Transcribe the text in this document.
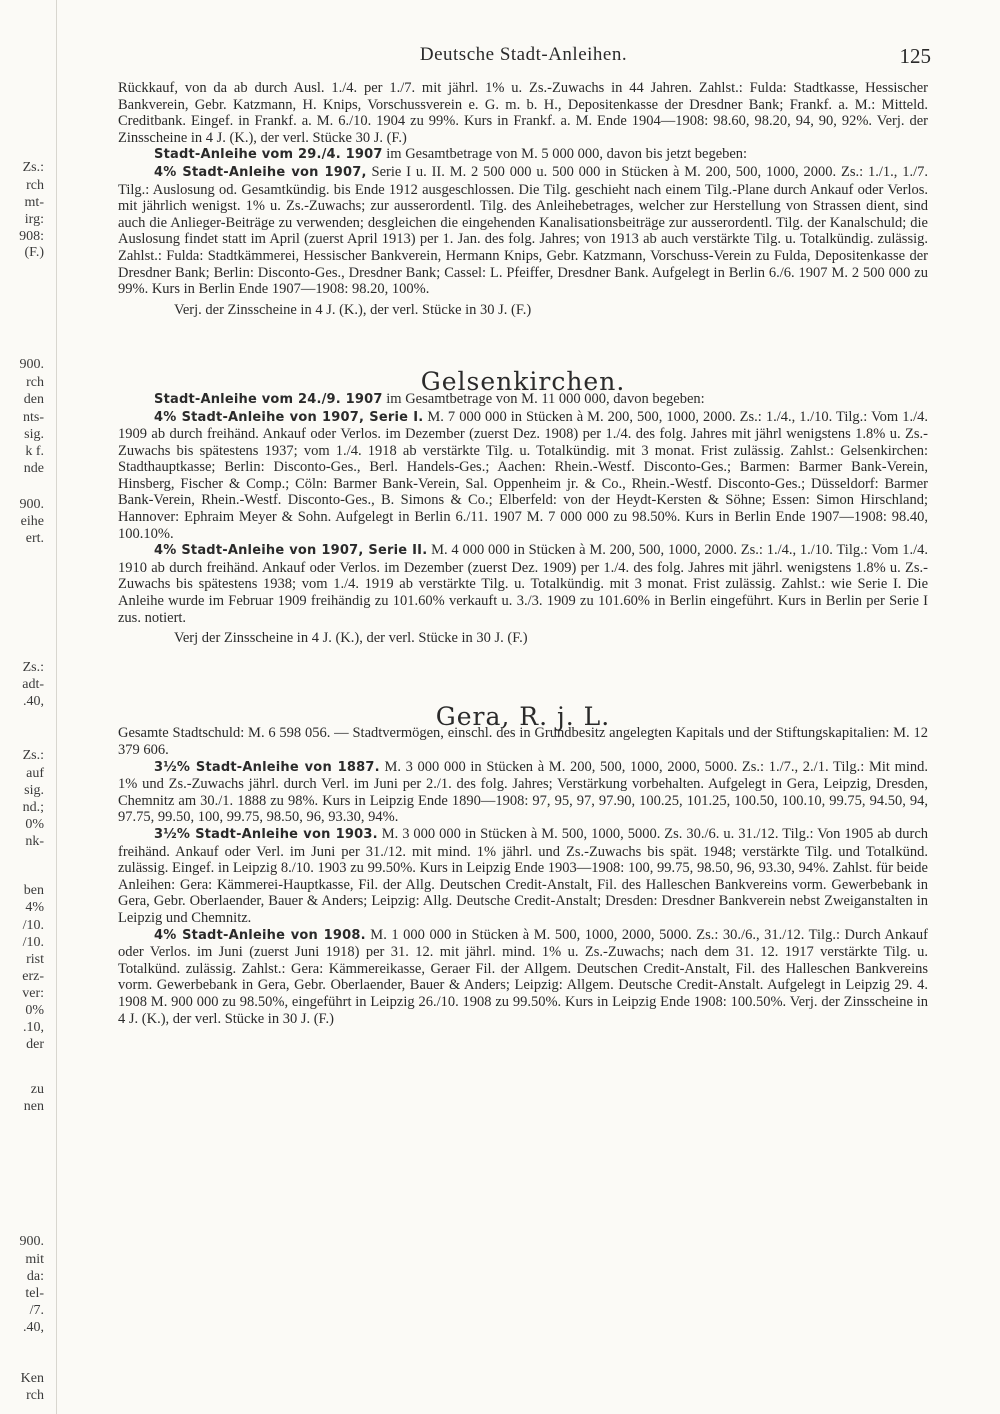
Zs.:
rch
mt-
irg:
908:
(F.)
900.
rch
den
nts-
sig.
k f.
nde
900.
eihe
ert.
Zs.:
adt-
.40,
Zs.:
auf
sig.
nd.;
0%
nk-
ben
4%
/10.
/10.
rist
erz-
ver:
0%
.10,
der
zu
nen
900.
mit
da:
tel-
/7.
.40,
Ken
rch
Deutsche Stadt-Anleihen.	125

Rückkauf, von da ab durch Ausl. 1./4. per 1./7. mit jährl. 1% u. Zs.-Zuwachs in 44 Jahren. Zahlst.: Fulda: Stadtkasse, Hessischer Bankverein, Gebr. Katzmann, H. Knips, Vorschussverein e. G. m. b. H., Depositenkasse der Dresdner Bank; Frankf. a. M.: Mitteld. Creditbank. Eingef. in Frankf. a. M. 6./10. 1904 zu 99%. Kurs in Frankf. a. M. Ende 1904—1908: 98.60, 98.20, 94, 90, 92%. Verj. der Zinsscheine in 4 J. (K.), der verl. Stücke 30 J. (F.)

Stadt-Anleihe vom 29./4. 1907 im Gesamtbetrage von M. 5 000 000, davon bis jetzt begeben:

4% Stadt-Anleihe von 1907, Serie I u. II. M. 2 500 000 u. 500 000 in Stücken à M. 200, 500, 1000, 2000. Zs.: 1./1., 1./7. Tilg.: Auslosung od. Gesamtkündig. bis Ende 1912 ausgeschlossen. Die Tilg. geschieht nach einem Tilg.-Plane durch Ankauf oder Verlos. mit jährlich wenigst. 1% u. Zs.-Zuwachs; zur ausserordentl. Tilg. des Anleihebetrages, welcher zur Herstellung von Strassen dient, sind auch die Anlieger-Beiträge zu verwenden; desgleichen die eingehenden Kanalisationsbeiträge zur ausserordentl. Tilg. der Kanalschuld; die Auslosung findet statt im April (zuerst April 1913) per 1. Jan. des folg. Jahres; von 1913 ab auch verstärkte Tilg. u. Totalkündig. zulässig. Zahlst.: Fulda: Stadtkämmerei, Hessischer Bankverein, Hermann Knips, Gebr. Katzmann, Vorschuss-Verein zu Fulda, Depositenkasse der Dresdner Bank; Berlin: Disconto-Ges., Dresdner Bank; Cassel: L. Pfeiffer, Dresdner Bank. Aufgelegt in Berlin 6./6. 1907 M. 2 500 000 zu 99%. Kurs in Berlin Ende 1907—1908: 98.20, 100%.

Verj. der Zinsscheine in 4 J. (K.), der verl. Stücke in 30 J. (F.)

Gelsenkirchen.

Stadt-Anleihe vom 24./9. 1907 im Gesamtbetrage von M. 11 000 000, davon begeben:

4% Stadt-Anleihe von 1907, Serie I. M. 7 000 000 in Stücken à M. 200, 500, 1000, 2000. Zs.: 1./4., 1./10. Tilg.: Vom 1./4. 1909 ab durch freihänd. Ankauf oder Verlos. im Dezember (zuerst Dez. 1908) per 1./4. des folg. Jahres mit jährl wenigstens 1.8% u. Zs.-Zuwachs bis spätestens 1937; vom 1./4. 1918 ab verstärkte Tilg. u. Totalkündig. mit 3 monat. Frist zulässig. Zahlst.: Gelsenkirchen: Stadthauptkasse; Berlin: Disconto-Ges., Berl. Handels-Ges.; Aachen: Rhein.-Westf. Disconto-Ges.; Barmen: Barmer Bank-Verein, Hinsberg, Fischer & Comp.; Cöln: Barmer Bank-Verein, Sal. Oppenheim jr. & Co., Rhein.-Westf. Disconto-Ges.; Düsseldorf: Barmer Bank-Verein, Rhein.-Westf. Disconto-Ges., B. Simons & Co.; Elberfeld: von der Heydt-Kersten & Söhne; Essen: Simon Hirschland; Hannover: Ephraim Meyer & Sohn. Aufgelegt in Berlin 6./11. 1907 M. 7 000 000 zu 98.50%. Kurs in Berlin Ende 1907—1908: 98.40, 100.10%.

4% Stadt-Anleihe von 1907, Serie II. M. 4 000 000 in Stücken à M. 200, 500, 1000, 2000. Zs.: 1./4., 1./10. Tilg.: Vom 1./4. 1910 ab durch freihänd. Ankauf oder Verlos. im Dezember (zuerst Dez. 1909) per 1./4. des folg. Jahres mit jährl. wenigstens 1.8% u. Zs.-Zuwachs bis spätestens 1938; vom 1./4. 1919 ab verstärkte Tilg. u. Totalkündig. mit 3 monat. Frist zulässig. Zahlst.: wie Serie I. Die Anleihe wurde im Februar 1909 freihändig zu 101.60% verkauft u. 3./3. 1909 zu 101.60% in Berlin eingeführt. Kurs in Berlin per Serie I zus. notiert.

Verj der Zinsscheine in 4 J. (K.), der verl. Stücke in 30 J. (F.)

Gera, R. j. L.

Gesamte Stadtschuld: M. 6 598 056. — Stadtvermögen, einschl. des in Grundbesitz angelegten Kapitals und der Stiftungskapitalien: M. 12 379 606.

3½% Stadt-Anleihe von 1887. M. 3 000 000 in Stücken à M. 200, 500, 1000, 2000, 5000. Zs.: 1./7., 2./1. Tilg.: Mit mind. 1% und Zs.-Zuwachs jährl. durch Verl. im Juni per 2./1. des folg. Jahres; Verstärkung vorbehalten. Aufgelegt in Gera, Leipzig, Dresden, Chemnitz am 30./1. 1888 zu 98%. Kurs in Leipzig Ende 1890—1908: 97, 95, 97, 97.90, 100.25, 101.25, 100.50, 100.10, 99.75, 94.50, 94, 97.75, 99.50, 100, 99.75, 98.50, 96, 93.30, 94%.

3½% Stadt-Anleihe von 1903. M. 3 000 000 in Stücken à M. 500, 1000, 5000. Zs. 30./6. u. 31./12. Tilg.: Von 1905 ab durch freihänd. Ankauf oder Verl. im Juni per 31./12. mit mind. 1% jährl. und Zs.-Zuwachs bis spät. 1948; verstärkte Tilg. und Totalkünd. zulässig. Eingef. in Leipzig 8./10. 1903 zu 99.50%. Kurs in Leipzig Ende 1903—1908: 100, 99.75, 98.50, 96, 93.30, 94%. Zahlst. für beide Anleihen: Gera: Kämmerei-Hauptkasse, Fil. der Allg. Deutschen Credit-Anstalt, Fil. des Halleschen Bankvereins vorm. Gewerbebank in Gera, Gebr. Oberlaender, Bauer & Anders; Leipzig: Allg. Deutsche Credit-Anstalt; Dresden: Dresdner Bankverein nebst Zweiganstalten in Leipzig und Chemnitz.

4% Stadt-Anleihe von 1908. M. 1 000 000 in Stücken à M. 500, 1000, 2000, 5000. Zs.: 30./6., 31./12. Tilg.: Durch Ankauf oder Verlos. im Juni (zuerst Juni 1918) per 31. 12. mit jährl. mind. 1% u. Zs.-Zuwachs; nach dem 31. 12. 1917 verstärkte Tilg. u. Totalkünd. zulässig. Zahlst.: Gera: Kämmereikasse, Geraer Fil. der Allgem. Deutschen Credit-Anstalt, Fil. des Halleschen Bankvereins vorm. Gewerbebank in Gera, Gebr. Oberlaender, Bauer & Anders; Leipzig: Allgem. Deutsche Credit-Anstalt. Aufgelegt in Leipzig 29. 4. 1908 M. 900 000 zu 98.50%, eingeführt in Leipzig 26./10. 1908 zu 99.50%. Kurs in Leipzig Ende 1908: 100.50%. Verj. der Zinsscheine in 4 J. (K.), der verl. Stücke in 30 J. (F.)
